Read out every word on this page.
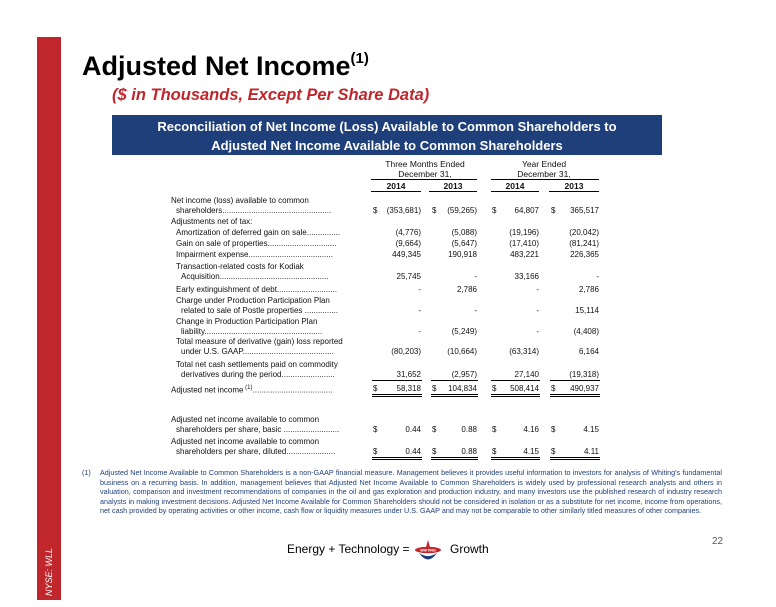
NYSE: WLL
Adjusted Net Income$^{(1)}$
($ in Thousands, Except Per Share Data)
Reconciliation of Net Income (Loss) Available to Common Shareholders to
Adjusted Net Income Available to Common Shareholders
Three Months Ended
December 31,
Year Ended
December 31,
2014	2013	2014	2013
Net income (loss) available to common
shareholders.................................................	$	(353,681) $	(59,265) $	64,807 $	365,517
Adjustments net of tax:
Amortization of deferred gain on sale...............	(4,776)	(5,088)	(19,196)	(20,042)
Gain on sale of properties...............................	(9,664)	(5,647)	(17,410)	(81,241)
Impairment expense......................................	449,345	190,918	483,221	226,365
Transaction-related costs for Kodiak
Acquisition.................................................	25,745	-	33,166	-
Early extinguishment of debt...........................	-	2,786	-	2,786
Charge under Production Participation Plan
related to sale of Postle properties ...............	-	-	-	15,114
Change in Production Participation Plan
liability.....................................................	-	(5,249)	-	(4,408)
Total measure of derivative (gain) loss reported
under U.S. GAAP.........................................	(80,203)	(10,664)	(63,314)	6,164
Total net cash settlements paid on commodity
derivatives during the period........................	31,652	(2,957)	27,140	(19,318)
Adjusted net income $^{(1)}$....................................	$	58,318 $	104,834 $	508,414 $	490,937
Adjusted net income available to common
shareholders per share, basic .........................	$	0.44 $	0.88 $	4.16 $	4.15
Adjusted net income available to common
shareholders per share, diluted......................	$	0.44 $	0.88 $	4.15 $	4.11
(1) Adjusted Net Income Available to Common Shareholders is a non-GAAP financial measure. Management believes it provides useful information to investors for analysis of Whiting's fundamental business on a recurring basis. In addition, management believes that Adjusted Net Income Available to Common Shareholders is widely used by professional research analysts and others in valuation, comparison and investment recommendations of companies in the oil and gas exploration and production industry, and many investors use the published research of industry research analysts in making investment decisions. Adjusted Net Income Available for Common Shareholders should not be considered in isolation or as a substitute for net income, income from operations, net cash provided by operating activities or other income, cash flow or liquidity measures under U.S. GAAP and may not be comparable to other similarly titled measures of other companies.
22
Energy + Technology =	Growth
WHITING
